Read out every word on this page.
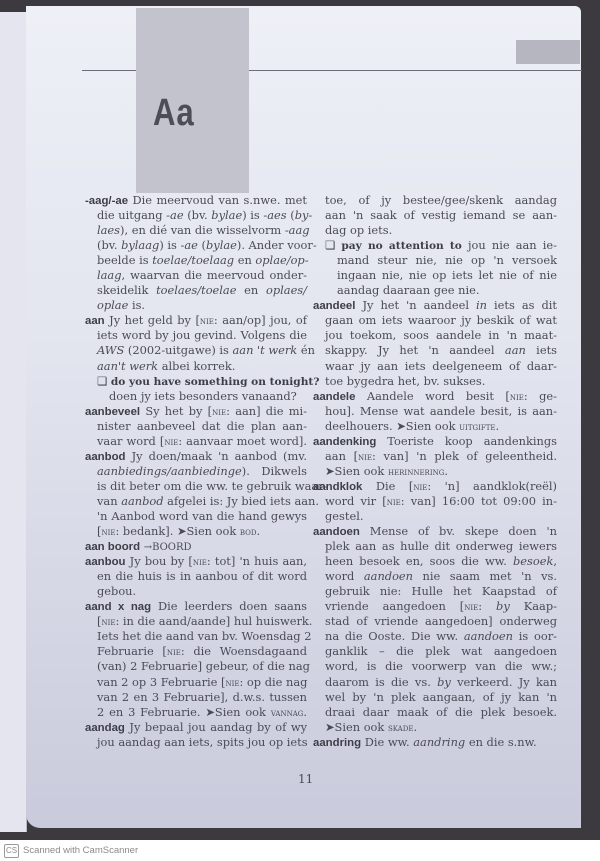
Aa
-aag/-ae Die meervoud van s.nwe. met
die uitgang -ae (bv. bylae) is -aes (by-
laes), en dié van die wisselvorm -aag
(bv. bylaag) is -ae (bylae). Ander voor-
beelde is toelae/toelaag en oplae/op-
laag, waarvan die meervoud onder-
skeidelik toelaes/toelae en oplaes/
oplae is.
aan Jy het geld by [nie: aan/op] jou, of
iets word by jou gevind. Volgens die
AWS (2002-uitgawe) is aan 't werk én
aan't werk albei korrek.
❏ do you have something on tonight?
doen jy iets besonders vanaand?
aanbeveel Sy het by [nie: aan] die mi-
nister aanbeveel dat die plan aan-
vaar word [nie: aanvaar moet word].
aanbod Jy doen/maak 'n aanbod (mv.
aanbiedings/aanbiedinge). Dikwels
is dit beter om die ww. te gebruik waar-
van aanbod afgelei is: Jy bied iets aan.
'n Aanbod word van die hand gewys
[nie: bedank]. ➤Sien ook bod.
aan boord →BOORD
aanbou Jy bou by [nie: tot] 'n huis aan,
en die huis is in aanbou of dit word
gebou.
aand x nag Die leerders doen saans
[nie: in die aand/aande] hul huiswerk.
Iets het die aand van bv. Woensdag 2
Februarie [nie: die Woensdagaand
(van) 2 Februarie] gebeur, of die nag
van 2 op 3 Februarie [nie: op die nag
van 2 en 3 Februarie], d.w.s. tussen
2 en 3 Februarie. ➤Sien ook vannag.
aandag Jy bepaal jou aandag by of wy
jou aandag aan iets, spits jou op iets
toe, of jy bestee/gee/skenk aandag
aan 'n saak of vestig iemand se aan-
dag op iets.
❏ pay no attention to jou nie aan ie-
mand steur nie, nie op 'n versoek
ingaan nie, nie op iets let nie of nie
aandag daaraan gee nie.
aandeel Jy het 'n aandeel in iets as dit
gaan om iets waaroor jy beskik of wat
jou toekom, soos aandele in 'n maat-
skappy. Jy het 'n aandeel aan iets
waar jy aan iets deelgeneem of daar-
toe bygedra het, bv. sukses.
aandele Aandele word besit [nie: ge-
hou]. Mense wat aandele besit, is aan-
deelhouers. ➤Sien ook uitgifte.
aandenking Toeriste koop aandenkings
aan [nie: van] 'n plek of geleentheid.
➤Sien ook herinnering.
aandklok Die [nie: 'n] aandklok(reël)
word vir [nie: van] 16:00 tot 09:00 in-
gestel.
aandoen Mense of bv. skepe doen 'n
plek aan as hulle dit onderweg iewers
heen besoek en, soos die ww. besoek,
word aandoen nie saam met 'n vs.
gebruik nie: Hulle het Kaapstad of
vriende aangedoen [nie: by Kaap-
stad of vriende aangedoen] onderweg
na die Ooste. Die ww. aandoen is oor-
ganklik – die plek wat aangedoen
word, is die voorwerp van die ww.;
daarom is die vs. by verkeerd. Jy kan
wel by 'n plek aangaan, of jy kan 'n
draai daar maak of die plek besoek.
➤Sien ook skade.
aandring Die ww. aandring en die s.nw.
11
CS Scanned with CamScanner
